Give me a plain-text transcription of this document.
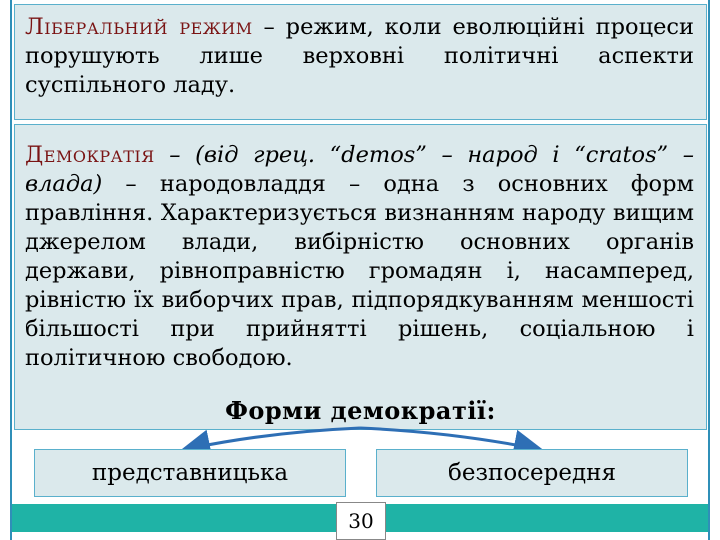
Ліберальний режим – режим, коли еволюційні процеси порушують лише верховні політичні аспекти суспільного ладу.

Демократія – (від грец. “demos” – народ і “cratos” – влада) – народовладдя – одна з основних форм правління. Характеризується визнанням народу вищим джерелом влади, вибірністю основних органів держави, рівноправністю громадян і, насамперед, рівністю їх виборчих прав, підпорядкуванням меншості більшості при прийнятті рішень, соціальною і політичною свободою.

Форми демократії:
представницька	безпосередня
30
